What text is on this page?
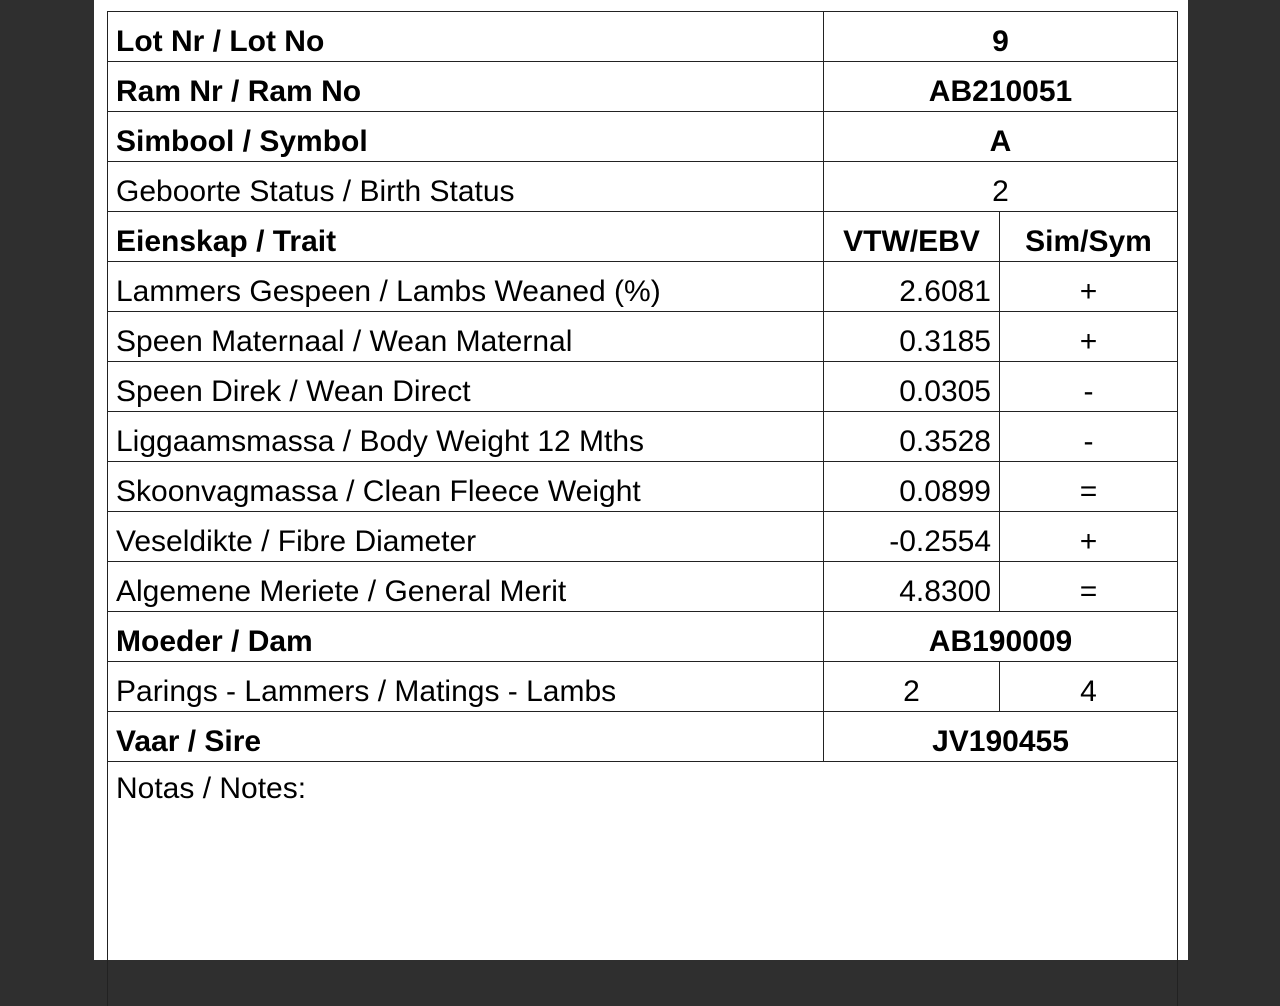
Lot Nr / Lot No	9	
Ram Nr / Ram No	AB210051	
Simbool / Symbol	A	
Geboorte Status / Birth Status	2	
Eienskap / Trait	VTW/EBV	Sim/Sym
Lammers Gespeen / Lambs Weaned (%)	2.6081	+
Speen Maternaal / Wean Maternal	0.3185	+
Speen Direk / Wean Direct	0.0305	-
Liggaamsmassa / Body Weight 12 Mths	0.3528	-
Skoonvagmassa / Clean Fleece Weight	0.0899	=
Veseldikte / Fibre Diameter	-0.2554	+
Algemene Meriete / General Merit	4.8300	=
Moeder / Dam	AB190009	
Parings - Lammers / Matings - Lambs	2	4
Vaar / Sire	JV190455	
Notas / Notes:		
